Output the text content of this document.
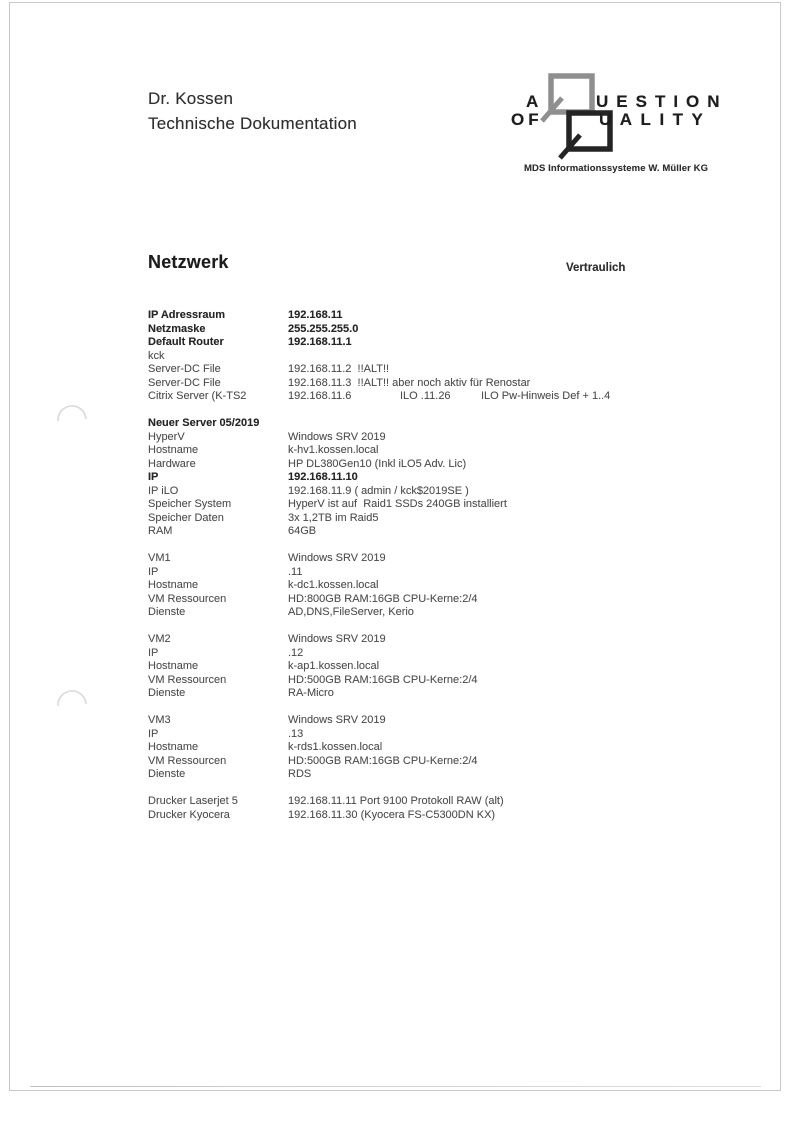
Dr. Kossen
Technische Dokumentation
A	UESTION
OF	UALITY
MDS Informationssysteme W. Müller KG
Netzwerk	Vertraulich
IP Adressraum	192.168.11
Netzmaske	255.255.255.0
Default Router	192.168.11.1
kck
Server-DC File	192.168.11.2  !!ALT!!
Server-DC File	192.168.11.3  !!ALT!! aber noch aktiv für Renostar
Citrix Server (K-TS2	192.168.11.6	ILO .11.26	ILO Pw-Hinweis Def + 1..4
Neuer Server 05/2019
HyperV	Windows SRV 2019
Hostname	k-hv1.kossen.local
Hardware	HP DL380Gen10 (Inkl iLO5 Adv. Lic)
IP	192.168.11.10
IP iLO	192.168.11.9 ( admin / kck$2019SE )
Speicher System	HyperV ist auf  Raid1 SSDs 240GB installiert
Speicher Daten	3x 1,2TB im Raid5
RAM	64GB
VM1	Windows SRV 2019
IP	.11
Hostname	k-dc1.kossen.local
VM Ressourcen	HD:800GB RAM:16GB CPU-Kerne:2/4
Dienste	AD,DNS,FileServer, Kerio
VM2	Windows SRV 2019
IP	.12
Hostname	k-ap1.kossen.local
VM Ressourcen	HD:500GB RAM:16GB CPU-Kerne:2/4
Dienste	RA-Micro
VM3	Windows SRV 2019
IP	.13
Hostname	k-rds1.kossen.local
VM Ressourcen	HD:500GB RAM:16GB CPU-Kerne:2/4
Dienste	RDS
Drucker Laserjet 5	192.168.11.11 Port 9100 Protokoll RAW (alt)
Drucker Kyocera	192.168.11.30 (Kyocera FS-C5300DN KX)
